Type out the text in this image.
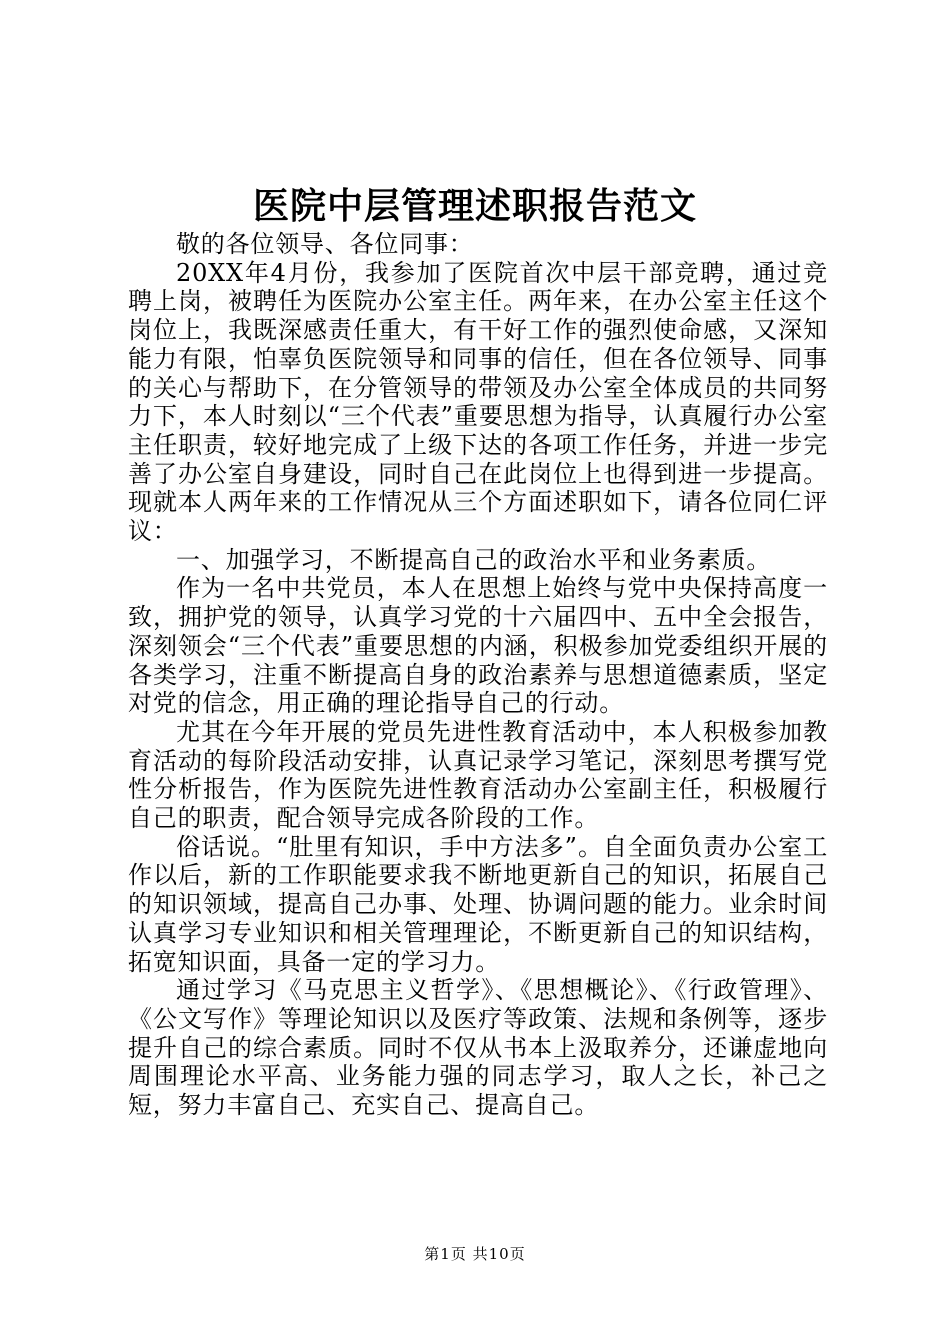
医院中层管理述职报告范文

敬的各位领导、各位同事：

20XX年4月份，我参加了医院首次中层干部竞聘，通过竞聘上岗，被聘任为医院办公室主任。两年来，在办公室主任这个岗位上，我既深感责任重大，有干好工作的强烈使命感，又深知能力有限，怕辜负医院领导和同事的信任，但在各位领导、同事的关心与帮助下，在分管领导的带领及办公室全体成员的共同努力下，本人时刻以“三个代表”重要思想为指导，认真履行办公室主任职责，较好地完成了上级下达的各项工作任务，并进一步完善了办公室自身建设，同时自己在此岗位上也得到进一步提高。现就本人两年来的工作情况从三个方面述职如下，请各位同仁评议：

一、加强学习，不断提高自己的政治水平和业务素质。

作为一名中共党员，本人在思想上始终与党中央保持高度一致，拥护党的领导，认真学习党的十六届四中、五中全会报告，深刻领会“三个代表”重要思想的内涵，积极参加党委组织开展的各类学习，注重不断提高自身的政治素养与思想道德素质，坚定对党的信念，用正确的理论指导自己的行动。

尤其在今年开展的党员先进性教育活动中，本人积极参加教育活动的每阶段活动安排，认真记录学习笔记，深刻思考撰写党性分析报告，作为医院先进性教育活动办公室副主任，积极履行自己的职责，配合领导完成各阶段的工作。

俗话说。“肚里有知识，手中方法多”。自全面负责办公室工作以后，新的工作职能要求我不断地更新自己的知识，拓展自己的知识领域，提高自己办事、处理、协调问题的能力。业余时间认真学习专业知识和相关管理理论，不断更新自己的知识结构，拓宽知识面，具备一定的学习力。

通过学习《马克思主义哲学》、《思想概论》、《行政管理》、《公文写作》等理论知识以及医疗等政策、法规和条例等，逐步提升自己的综合素质。同时不仅从书本上汲取养分，还谦虚地向周围理论水平高、业务能力强的同志学习，取人之长，补己之短，努力丰富自己、充实自己、提高自己。

第1页 共10页
